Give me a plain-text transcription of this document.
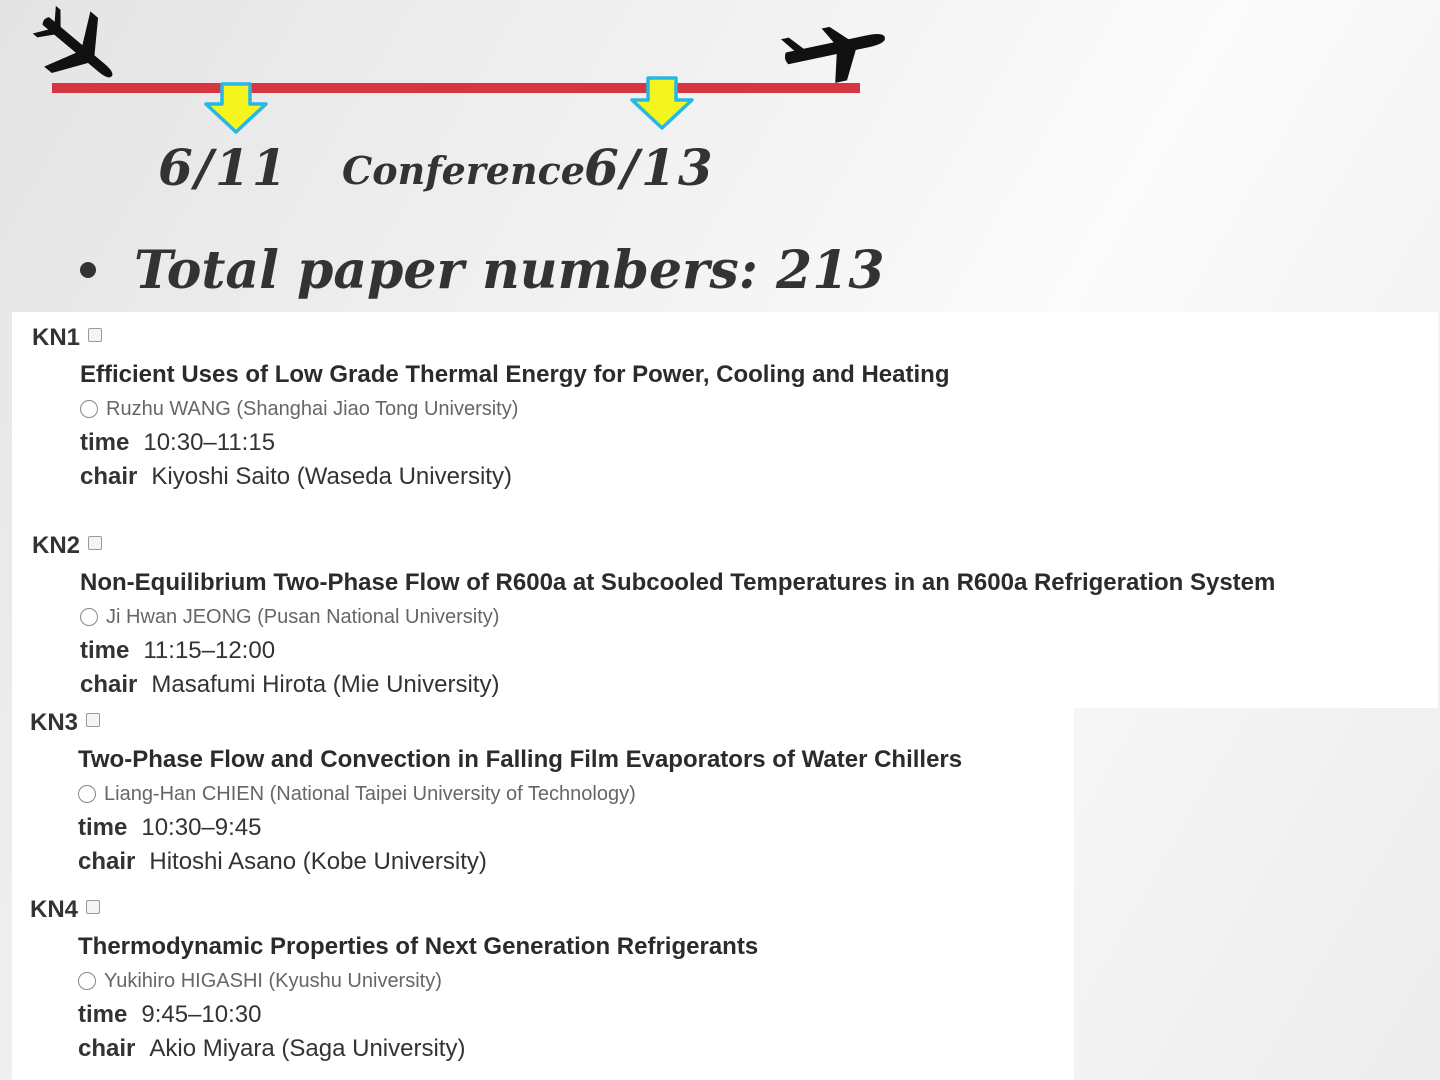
6/11 Conference 6/13
Total paper numbers: 213
KN1
Efficient Uses of Low Grade Thermal Energy for Power, Cooling and Heating
Ruzhu WANG (Shanghai Jiao Tong University)
time 10:30–11:15
chair Kiyoshi Saito (Waseda University)
KN2
Non-Equilibrium Two-Phase Flow of R600a at Subcooled Temperatures in an R600a Refrigeration System
Ji Hwan JEONG (Pusan National University)
time 11:15–12:00
chair Masafumi Hirota (Mie University)
KN3
Two-Phase Flow and Convection in Falling Film Evaporators of Water Chillers
Liang-Han CHIEN (National Taipei University of Technology)
time 10:30–9:45
chair Hitoshi Asano (Kobe University)
KN4
Thermodynamic Properties of Next Generation Refrigerants
Yukihiro HIGASHI (Kyushu University)
time 9:45–10:30
chair Akio Miyara (Saga University)
